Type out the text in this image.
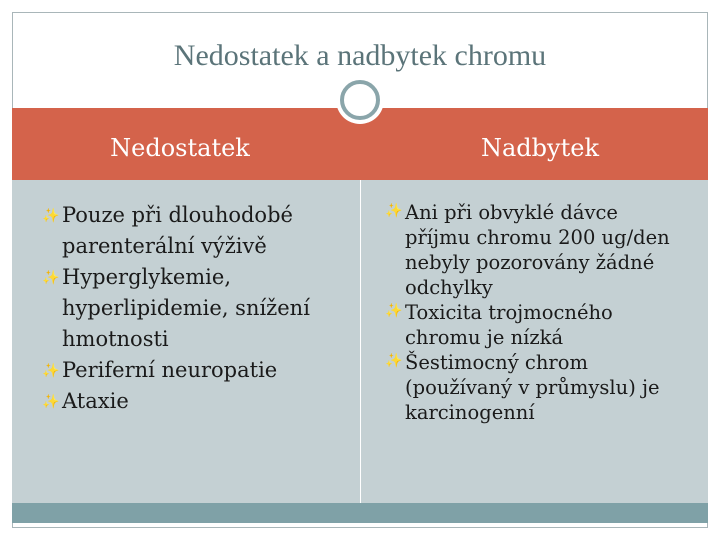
Nedostatek a nadbytek chromu
Nedostatek	Nadbytek
✨ Pouze při dlouhodobé parenterální výživě
✨ Hyperglykemie, hyperlipidemie, snížení hmotnosti
✨ Periferní neuropatie
✨ Ataxie
✨ Ani při obvyklé dávce příjmu chromu 200 ug/den nebyly pozorovány žádné odchylky
✨ Toxicita trojmocného chromu je nízká
✨ Šestimocný chrom (používaný v průmyslu) je karcinogenní
